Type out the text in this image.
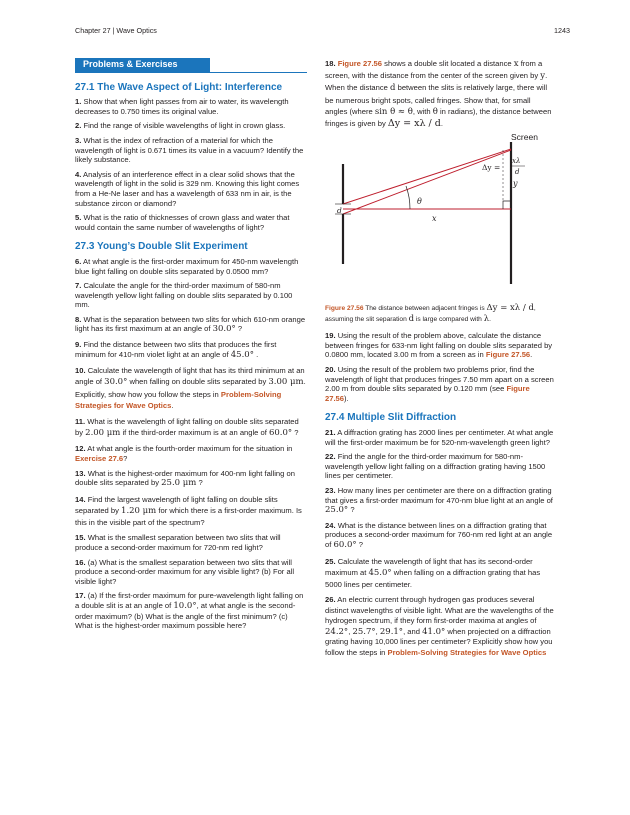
Chapter 27 | Wave Optics	1243
Problems & Exercises
27.1 The Wave Aspect of Light: Interference
1. Show that when light passes from air to water, its wavelength decreases to 0.750 times its original value.
2. Find the range of visible wavelengths of light in crown glass.
3. What is the index of refraction of a material for which the wavelength of light is 0.671 times its value in a vacuum? Identify the likely substance.
4. Analysis of an interference effect in a clear solid shows that the wavelength of light in the solid is 329 nm. Knowing this light comes from a He-Ne laser and has a wavelength of 633 nm in air, is the substance zircon or diamond?
5. What is the ratio of thicknesses of crown glass and water that would contain the same number of wavelengths of light?
27.3 Young’s Double Slit Experiment
6. At what angle is the first-order maximum for 450-nm wavelength blue light falling on double slits separated by 0.0500 mm?
7. Calculate the angle for the third-order maximum of 580-nm wavelength yellow light falling on double slits separated by 0.100 mm.
8. What is the separation between two slits for which 610-nm orange light has its first maximum at an angle of 30.0° ?
9. Find the distance between two slits that produces the first minimum for 410-nm violet light at an angle of 45.0° .
10. Calculate the wavelength of light that has its third minimum at an angle of 30.0° when falling on double slits separated by 3.00 μm. Explicitly, show how you follow the steps in Problem-Solving Strategies for Wave Optics.
11. What is the wavelength of light falling on double slits separated by 2.00 μm if the third-order maximum is at an angle of 60.0° ?
12. At what angle is the fourth-order maximum for the situation in Exercise 27.6?
13. What is the highest-order maximum for 400-nm light falling on double slits separated by 25.0 μm ?
14. Find the largest wavelength of light falling on double slits separated by 1.20 μm for which there is a first-order maximum. Is this in the visible part of the spectrum?
15. What is the smallest separation between two slits that will produce a second-order maximum for 720-nm red light?
16. (a) What is the smallest separation between two slits that will produce a second-order maximum for any visible light? (b) For all visible light?
17. (a) If the first-order maximum for pure-wavelength light falling on a double slit is at an angle of 10.0°, at what angle is the second-order maximum? (b) What is the angle of the first minimum? (c) What is the highest-order maximum possible here?
18. Figure 27.56 shows a double slit located a distance x from a screen, with the distance from the center of the screen given by y. When the distance d between the slits is relatively large, there will be numerous bright spots, called fringes. Show that, for small angles (where sin θ ≈ θ, with θ in radians), the distance between fringes is given by Δy = xλ / d.
Screen
Δy =
xλ
d
y
θ
d
x
Figure 27.56 The distance between adjacent fringes is Δy = xλ / d, assuming the slit separation d is large compared with λ.
19. Using the result of the problem above, calculate the distance between fringes for 633-nm light falling on double slits separated by 0.0800 mm, located 3.00 m from a screen as in Figure 27.56.
20. Using the result of the problem two problems prior, find the wavelength of light that produces fringes 7.50 mm apart on a screen 2.00 m from double slits separated by 0.120 mm (see Figure 27.56).
27.4 Multiple Slit Diffraction
21. A diffraction grating has 2000 lines per centimeter. At what angle will the first-order maximum be for 520-nm-wavelength green light?
22. Find the angle for the third-order maximum for 580-nm-wavelength yellow light falling on a diffraction grating having 1500 lines per centimeter.
23. How many lines per centimeter are there on a diffraction grating that gives a first-order maximum for 470-nm blue light at an angle of 25.0° ?
24. What is the distance between lines on a diffraction grating that produces a second-order maximum for 760-nm red light at an angle of 60.0° ?
25. Calculate the wavelength of light that has its second-order maximum at 45.0° when falling on a diffraction grating that has 5000 lines per centimeter.
26. An electric current through hydrogen gas produces several distinct wavelengths of visible light. What are the wavelengths of the hydrogen spectrum, if they form first-order maxima at angles of 24.2°, 25.7°, 29.1°, and 41.0° when projected on a diffraction grating having 10,000 lines per centimeter? Explicitly show how you follow the steps in Problem-Solving Strategies for Wave Optics
